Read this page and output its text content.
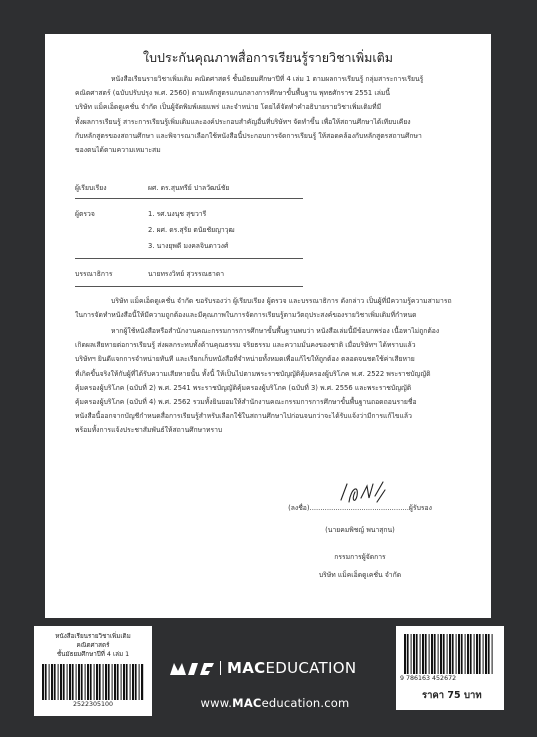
ใบประกันคุณภาพสื่อการเรียนรู้รายวิชาเพิ่มเติม
หนังสือเรียนรายวิชาเพิ่มเติม คณิตศาสตร์ ชั้นมัธยมศึกษาปีที่ 4 เล่ม 1 ตามผลการเรียนรู้ กลุ่มสาระการเรียนรู้
คณิตศาสตร์ (ฉบับปรับปรุง พ.ศ. 2560) ตามหลักสูตรแกนกลางการศึกษาขั้นพื้นฐาน พุทธศักราช 2551 เล่มนี้
บริษัท แม็คเอ็ดดูเคชั่น จำกัด เป็นผู้จัดพิมพ์เผยแพร่ และจำหน่าย โดยได้จัดทำคำอธิบายรายวิชาเพิ่มเติมที่มี
ทั้งผลการเรียนรู้ สาระการเรียนรู้เพิ่มเติมและองค์ประกอบสำคัญอื่นที่บริษัทฯ จัดทำขึ้น เพื่อให้สถานศึกษาได้เทียบเคียง
กับหลักสูตรของสถานศึกษา และพิจารณาเลือกใช้หนังสือนี้ประกอบการจัดการเรียนรู้ ให้สอดคล้องกับหลักสูตรสถานศึกษา
ของตนได้ตามความเหมาะสม
ผู้เรียบเรียง	ผศ. ดร.สุนทรีย์ ปาลวัฒน์ชัย
ผู้ตรวจ	1. รศ.นงนุช สุขวารี
2. ผศ. ดร.สุรัย ตนัยชัยญาวุฒ
3. นางยุพดี มงคลจินดาวงศ์
บรรณาธิการ	นายทรงวิทย์ สุวรรณธาดา
บริษัท แม็คเอ็ดดูเคชั่น จำกัด ขอรับรองว่า ผู้เรียบเรียง ผู้ตรวจ และบรรณาธิการ ดังกล่าว เป็นผู้ที่มีความรู้ความสามารถ
ในการจัดทำหนังสือนี้ให้มีความถูกต้องและมีคุณภาพในการจัดการเรียนรู้ตามวัตถุประสงค์ของรายวิชาเพิ่มเติมที่กำหนด
หากผู้ใช้หนังสือหรือสำนักงานคณะกรรมการการศึกษาขั้นพื้นฐานพบว่า หนังสือเล่มนี้มีข้อบกพร่อง เนื้อหาไม่ถูกต้อง
เกิดผลเสียหายต่อการเรียนรู้ ส่งผลกระทบทั้งด้านคุณธรรม จริยธรรม และความมั่นคงของชาติ เมื่อบริษัทฯ ได้ทราบแล้ว
บริษัทฯ ยินดีแจกการจำหน่ายทันที และเรียกเก็บหนังสือที่จำหน่ายทั้งหมดเพื่อแก้ไขให้ถูกต้อง ตลอดจนชดใช้ค่าเสียหาย
ที่เกิดขึ้นจริงให้กับผู้ที่ได้รับความเสียหายนั้น ทั้งนี้ ให้เป็นไปตามพระราชบัญญัติคุ้มครองผู้บริโภค พ.ศ. 2522 พระราชบัญญัติ
คุ้มครองผู้บริโภค (ฉบับที่ 2) พ.ศ. 2541 พระราชบัญญัติคุ้มครองผู้บริโภค (ฉบับที่ 3) พ.ศ. 2556 และพระราชบัญญัติ
คุ้มครองผู้บริโภค (ฉบับที่ 4) พ.ศ. 2562 รวมทั้งยินยอมให้สำนักงานคณะกรรมการการศึกษาขั้นพื้นฐานถอดถอนรายชื่อ
หนังสือนี้ออกจากบัญชีกำหนดสื่อการเรียนรู้สำหรับเลือกใช้ในสถานศึกษาไปก่อนจนกว่าจะได้รับแจ้งว่ามีการแก้ไขแล้ว
พร้อมทั้งการแจ้งประชาสัมพันธ์ให้สถานศึกษาทราบ
(ลงชื่อ)..............................................ผู้รับรอง
(นายคมพิชญ์ พนาสุกน)
กรรมการผู้จัดการ
บริษัท แม็คเอ็ดดูเคชั่น จำกัด
หนังสือเรียนรายวิชาเพิ่มเติม
คณิตศาสตร์
ชั้นมัธยมศึกษาปีที่ 4 เล่ม 1
2522305100
MACEDUCATION
www.MACeducation.com
9 786163 452672
ราคา 75 บาท
